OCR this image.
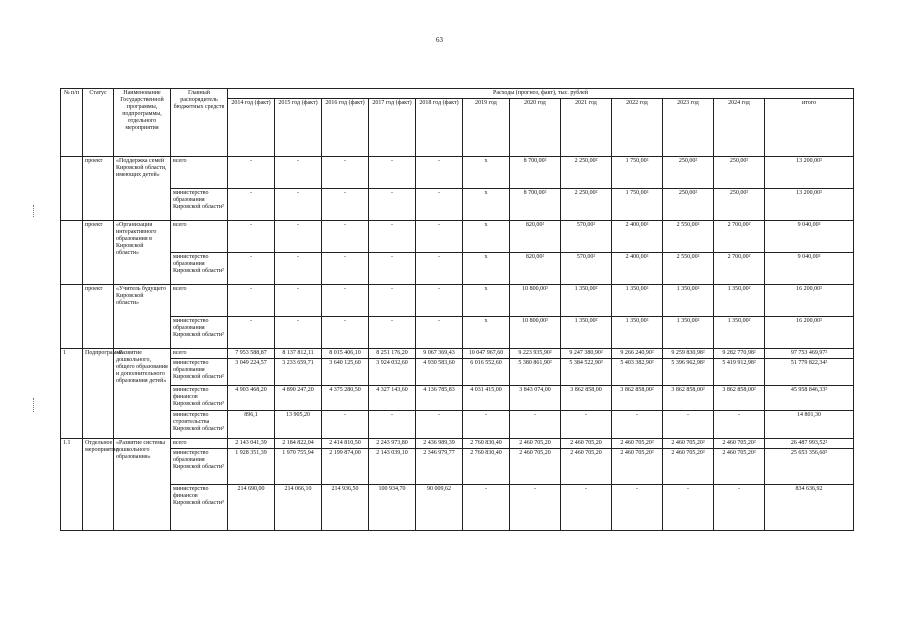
63
№ п/п	Статус	Наименование Государственной программы, подпрограммы, отдельного мероприятия	Главный распорядитель бюджетных средств	Расходы (прогноз, факт), тыс. рублей											
				2014 год (факт)	2015 год (факт)	2016 год (факт)	2017 год (факт)	2018 год (факт)	2019 год	2020 год	2021 год	2022 год	2023 год	2024 год	итого
	проект	«Поддержка семей Кировской области, имеющих детей»	всего	-	-	-	-	-	х	8 700,00²	2 250,00²	1 750,00²	250,00²	250,00²	13 200,00²
			министерство образования Кировской области²	-	-	-	-	-	х	8 700,00²	2 250,00²	1 750,00²	250,00²	250,00²	13 200,00²
	проект	«Организация интерактивного образования в Кировской области»	всего	-	-	-	-	-	х	820,00²	570,00²	2 400,00²	2 550,00²	2 700,00²	9 040,00²
			министерство образования Кировской области²	-	-	-	-	-	х	820,00²	570,00²	2 400,00²	2 550,00²	2 700,00²	9 040,00²
	проект	«Учитель будущего Кировской области»	всего	-	-	-	-	-	х	10 800,00²	1 350,00²	1 350,00²	1 350,00²	1 350,00²	16 200,00²
			министерство образования Кировской области²	-	-	-	-	-	х	10 800,00²	1 350,00²	1 350,00²	1 350,00²	1 350,00²	16 200,00²
1	Подпрограмма	«Развитие дошкольного, общего образования и дополнительного образования детей»	всего	7 953 588,87	8 137 812,11	8 015 406,10	8 251 176,20	9 067 369,43	10 047 967,60	9 223 935,90²	9 247 380,90²	9 266 240,90²	9 259 830,98²	9 282 770,98²	97 753 469,97²
			министерство образования Кировской области²	3 049 224,57	3 233 659,71	3 640 125,60	3 924 032,60	4 930 583,60	6 016 552,60	5 380 861,90²	5 384 522,90²	5 403 382,90²	5 396 962,98²	5 419 912,98²	51 779 822,34²
			министерство финансов Кировской области³	4 903 468,20	4 890 247,20	4 375 280,50	4 327 143,60	4 136 785,83	4 031 415,00	3 843 074,00	3 862 858,00	3 862 858,00²	3 862 858,00²	3 862 858,00²	45 958 846,33²
			министерство строительства Кировской области³	896,1	13 905,20	-	-	-	-	-	-	-	-	-	14 801,30
1.1	Отдельное мероприятие	«Развитие системы дошкольного образования»	всего	2 143 041,39	2 184 822,04	2 414 810,50	2 243 973,80	2 436 989,39	2 760 830,40	2 460 705,20	2 460 705,20	2 460 705,20²	2 460 705,20²	2 460 705,20²	26 487 993,52²
			министерство образования Кировской области²	1 928 351,39	1 970 755,94	2 199 874,00	2 143 039,10	2 346 979,77	2 760 830,40	2 460 705,20	2 460 705,20	2 460 705,20²	2 460 705,20²	2 460 705,20²	25 653 356,60²
			министерство финансов Кировской области³	214 690,00	214 066,10	214 936,50	100 934,70	90 009,62	-	-	-	-	-	-	834 636,92
